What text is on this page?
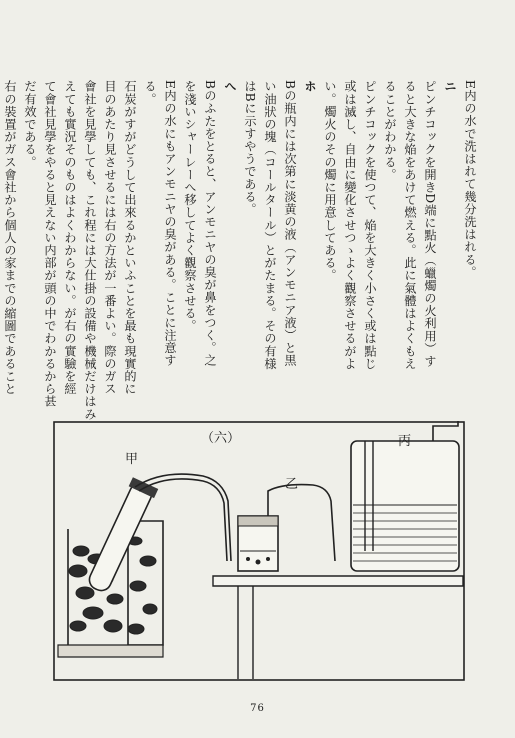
E内の水で洗はれて幾分洗はれる。
ニ
ピンチコックを開きD端に點火（蠟燭の火利用）す
ると大きな焔をあけて燃える。此に氣體はよくもえ
ることがわかる。
ピンチコックを使つて、焔を大きく小さく或は點じ
或は滅し、自由に變化させつゝよく觀察させるがよ
い。燭火のその燭に用意してある。
ホ
Bの瓶内には次第に淡黄の液（アンモニア液）と黒
い油狀の塊（コールタール）とがたまる。その有様
はBに示すやうである。
へ
Bのふたをとると、アンモニヤの臭が鼻をつく。之
を淺いシャーレーへ移してよく觀察させる。
E内の水にもアンモニヤの臭がある。ことに注意す
る。
石炭がすがどうして出來るかといふことを最も現實的に
目のあたり見させるには右の方法が一番よい。際のガス
會社を見學しても、これ程には大仕掛の設備や機械だけはみ
えても實況そのものはよくわからない。が右の實驗を經
て會社見學をやると見えない内部が頭の中でわかるから甚
だ有效である。
右の裝置がガス會社から個人の家までの縮圖であること
（六）
甲
乙
丙
76
